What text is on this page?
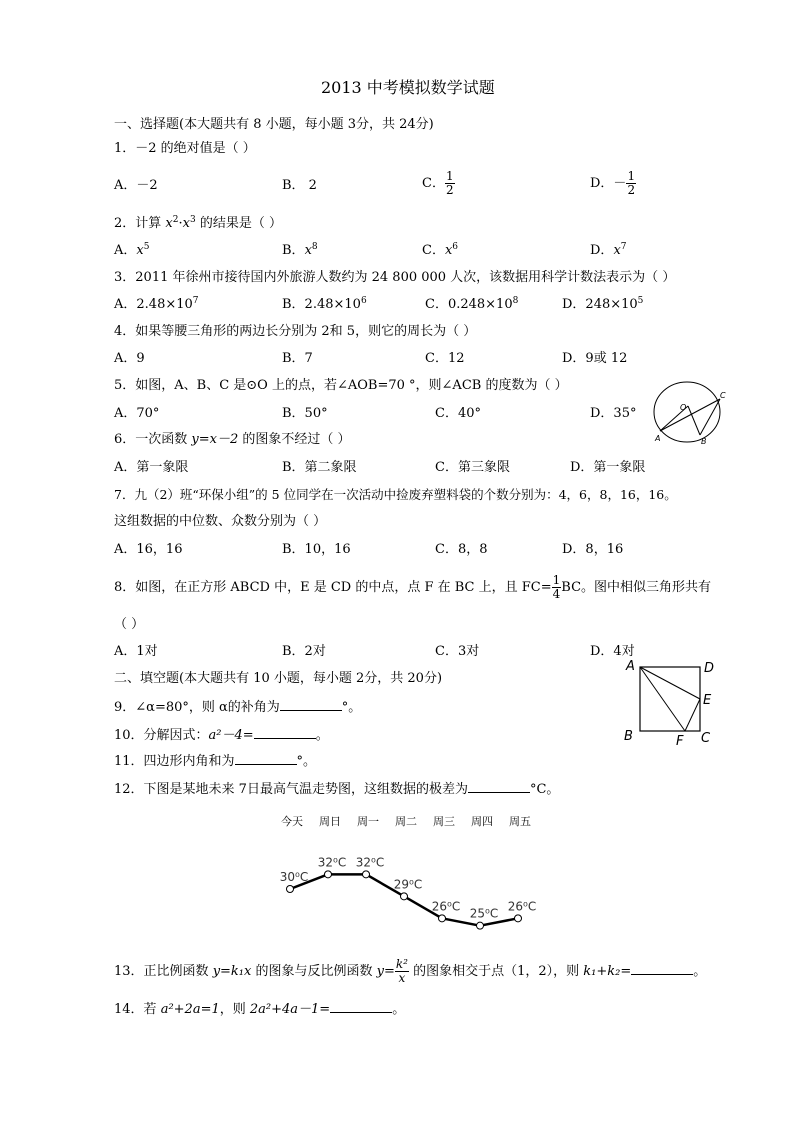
2013 中考模拟数学试题
一、选择题(本大题共有 8 小题，每小题 3分，共 24分)
1．－2 的绝对值是（ ）
A．－2	B． 2	C． $\frac{1}{2}$	D．－ $\frac{1}{2}$
2．计算 $x^2\cdot x^3$ 的结果是（ ）
A．$x^5$	B．$x^8$	C．$x^6$	D．$x^7$
3．2011 年徐州市接待国内外旅游人数约为 24 800 000 人次，该数据用科学计数法表示为（ ）
A．$2.48\times 10^7$	B．$2.48\times 10^6$	C．$0.248\times 10^8$	D．$248\times 10^5$
4．如果等腰三角形的两边长分别为 2和 5，则它的周长为（ ）
A．9	B．7	C．12	D．9或 12
5．如图，A、B、C 是⊙O 上的点，若∠AOB=70 °，则∠ACB 的度数为（ ）
A．70°	B．50°	C．40°	D．35°	O
A	B
C
6．一次函数 y=x－2 的图象不经过（ ）
A．第一象限	B．第二象限	C．第三象限	D．第一象限
7．九（2）班“环保小组”的 5 位同学在一次活动中捡废弃塑料袋的个数分别为：4，6，8，16，16。
这组数据的中位数、众数分别为（ ）
A．16，16	B．10，16	C．8，8	D．8，16
8．如图，在正方形 ABCD 中，E 是 CD 的中点，点 F 在 BC 上，且 $FC= \frac{1}{4}$ BC。图中相似三角形共有
（ ）
A．1对	B．2对	C．3对	D．4对
A	D
E
B	F C
二、填空题(本大题共有 10 小题，每小题 2分，共 20分)
9．∠α=80°，则 α的补角为	°。
10．分解因式：a²－4=	。
11．四边形内角和为	°。
12．下图是某地未来 7日最高气温走势图，这组数据的极差为	°C。
今天 周日 周一 周二 周三 周四 周五
30⁰C
32⁰C 32⁰C
29⁰C
26⁰C
25⁰C
26⁰C
13．正比例函数 y=k₁x 的图象与反比例函数 $y= \frac{\text{k²}}{x}$ 的图象相交于点（1，2），则 k₁+k₂=	。
14．若 a²+2a=1，则 2a²+4a－1=	。
